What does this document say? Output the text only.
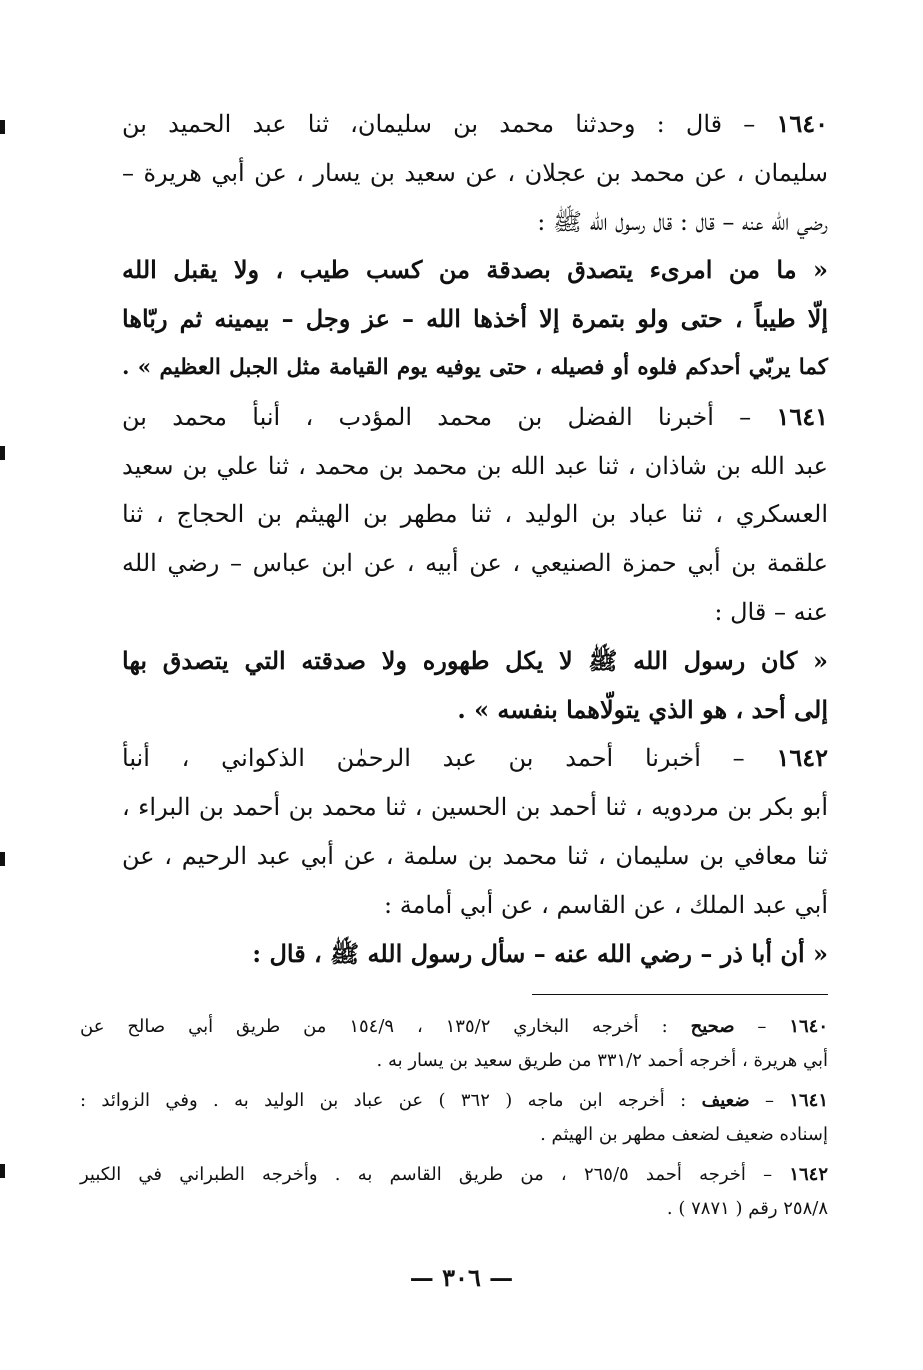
١٦٤٠ – قال : وحدثنا محمد بن سليمان، ثنا عبد الحميد بن
سليمان ، عن محمد بن عجلان ، عن سعيد بن يسار ، عن أبي هريرة –
رضي الله عنه – قال : قال رسول الله ﷺ :
« ما من امرىء يتصدق بصدقة من كسب طيب ، ولا يقبل الله
إلّا طيباً ، حتى ولو بتمرة إلا أخذها الله – عز وجل – بيمينه ثم ربّاها
كما يربّي أحدكم فلوه أو فصيله ، حتى يوفيه يوم القيامة مثل الجبل العظيم » .
١٦٤١ – أخبرنا الفضل بن محمد المؤدب ، أنبأ محمد بن
عبد الله بن شاذان ، ثنا عبد الله بن محمد بن محمد ، ثنا علي بن سعيد
العسكري ، ثنا عباد بن الوليد ، ثنا مطهر بن الهيثم بن الحجاج ، ثنا
علقمة بن أبي حمزة الصنيعي ، عن أبيه ، عن ابن عباس – رضي الله
عنه – قال :
« كان رسول الله ﷺ لا يكل طهوره ولا صدقته التي يتصدق بها
إلى أحد ، هو الذي يتولّاهما بنفسه » .
١٦٤٢ – أخبرنا أحمد بن عبد الرحمٰن الذكواني ، أنبأ
أبو بكر بن مردويه ، ثنا أحمد بن الحسين ، ثنا محمد بن أحمد بن البراء ،
ثنا معافي بن سليمان ، ثنا محمد بن سلمة ، عن أبي عبد الرحيم ، عن
أبي عبد الملك ، عن القاسم ، عن أبي أمامة :
« أن أبا ذر – رضي الله عنه – سأل رسول الله ﷺ ، قال :
١٦٤٠ – صحيح : أخرجه البخاري ١٣٥/٢ ، ١٥٤/٩ من طريق أبي صالح عن
أبي هريرة ، أخرجه أحمد ٣٣١/٢ من طريق سعيد بن يسار به .
١٦٤١ – ضعيف : أخرجه ابن ماجه ( ٣٦٢ ) عن عباد بن الوليد به . وفي الزوائد :
إسناده ضعيف لضعف مطهر بن الهيثم .
١٦٤٢ – أخرجه أحمد ٢٦٥/٥ ، من طريق القاسم به . وأخرجه الطبراني في الكبير
٢٥٨/٨ رقم ( ٧٨٧١ ) .
— ٣٠٦ —
